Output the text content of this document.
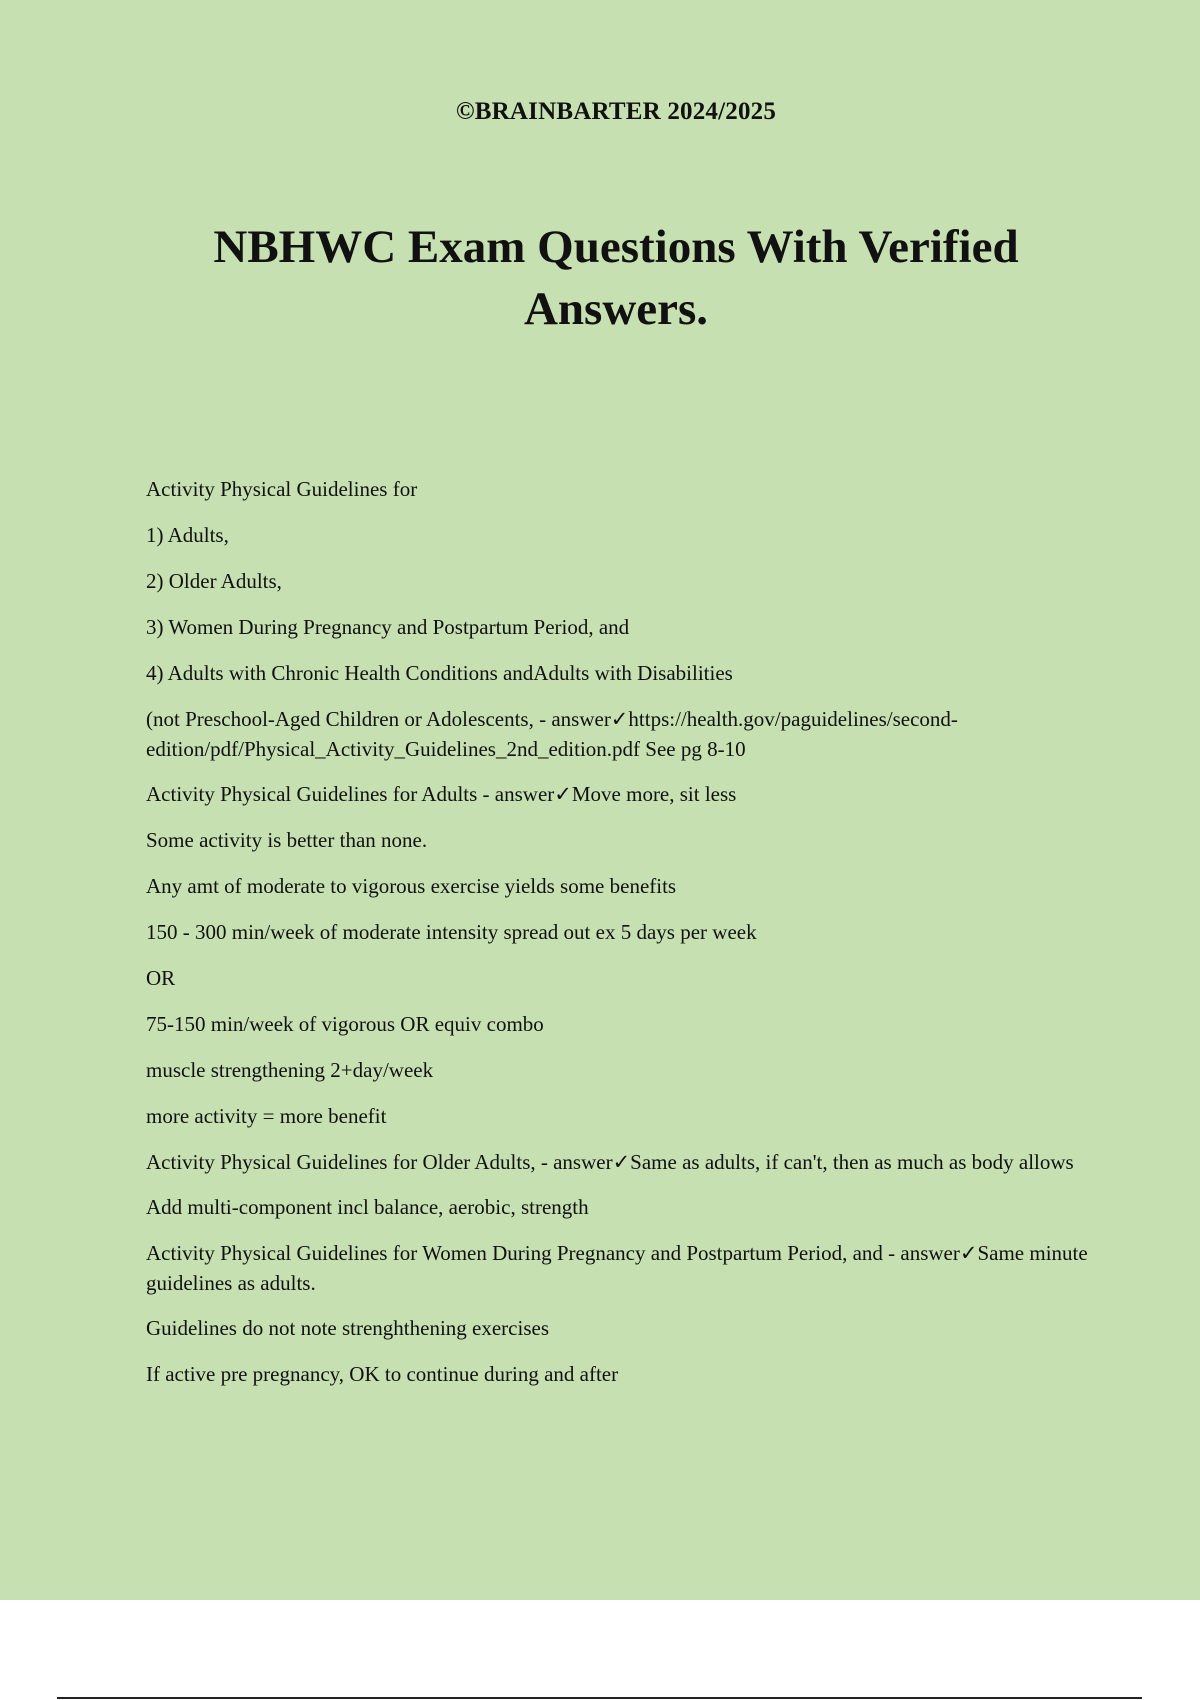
©BRAINBARTER 2024/2025
NBHWC Exam Questions With Verified
Answers.

Activity Physical Guidelines for

1) Adults,

2) Older Adults,

3) Women During Pregnancy and Postpartum Period, and

4) Adults with Chronic Health Conditions andAdults with Disabilities

(not Preschool-Aged Children or Adolescents, - answer✓https://health.gov/paguidelines/second-edition/pdf/Physical_Activity_Guidelines_2nd_edition.pdf See pg 8-10

Activity Physical Guidelines for Adults - answer✓Move more, sit less

Some activity is better than none.

Any amt of moderate to vigorous exercise yields some benefits

150 - 300 min/week of moderate intensity spread out ex 5 days per week

OR

75-150 min/week of vigorous OR equiv combo

muscle strengthening 2+day/week

more activity = more benefit

Activity Physical Guidelines for Older Adults, - answer✓Same as adults, if can't, then as much as body allows

Add multi-component incl balance, aerobic, strength

Activity Physical Guidelines for Women During Pregnancy and Postpartum Period, and - answer✓Same minute guidelines as adults.

Guidelines do not note strenghthening exercises

If active pre pregnancy, OK to continue during and after
